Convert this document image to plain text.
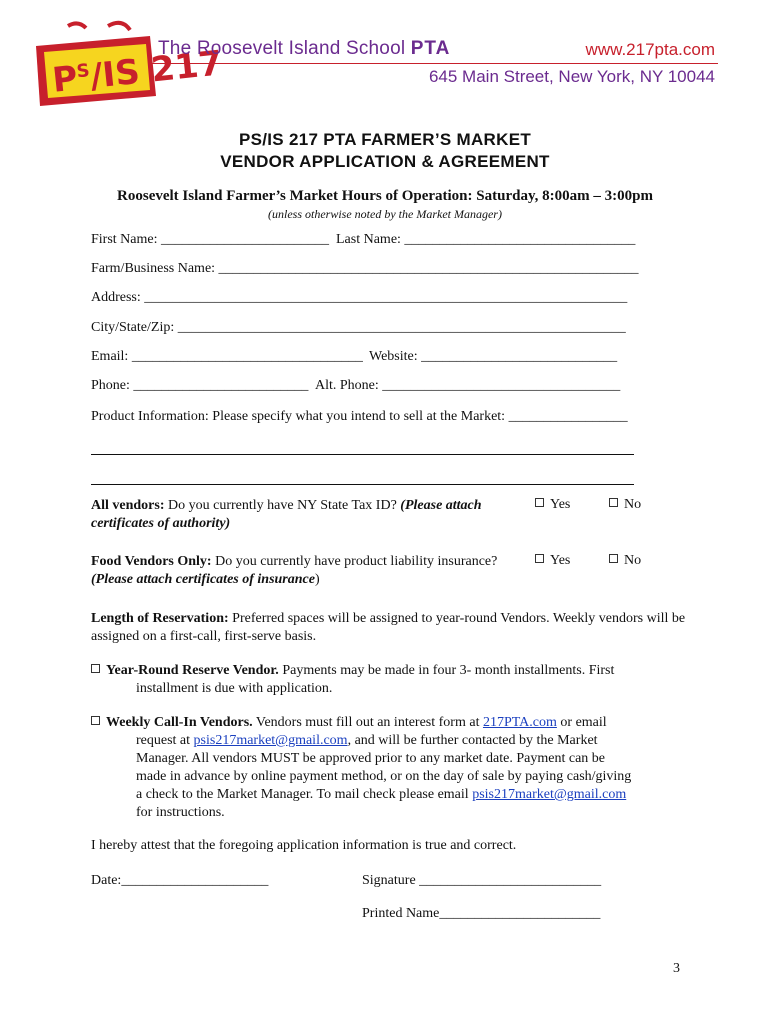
$P^S/IS$ 217
The Roosevelt Island School PTA	www.217pta.com
645 Main Street, New York, NY 10044
PS/IS 217 PTA FARMER’S MARKET
VENDOR APPLICATION & AGREEMENT
Roosevelt Island Farmer’s Market Hours of Operation: Saturday, 8:00am – 3:00pm
(unless otherwise noted by the Market Manager)
First Name: ________________________ Last Name: _________________________________
Farm/Business Name: ____________________________________________________________
Address: _____________________________________________________________________
City/State/Zip: ________________________________________________________________
Email: _________________________________ Website: ____________________________
Phone: _________________________ Alt. Phone: __________________________________
Product Information: Please specify what you intend to sell at the Market: _________________
All vendors: Do you currently have NY State Tax ID? (Please attach certificates of authority)
Yes	No
Food Vendors Only: Do you currently have product liability insurance?
(Please attach certificates of insurance)
Yes	No
Length of Reservation: Preferred spaces will be assigned to year-round Vendors. Weekly vendors will be assigned on a first-call, first-serve basis.
Year-Round Reserve Vendor. Payments may be made in four 3- month installments. First
installment is due with application.
Weekly Call-In Vendors. Vendors must fill out an interest form at 217PTA.com or email
request at psis217market@gmail.com, and will be further contacted by the Market
Manager. All vendors MUST be approved prior to any market date. Payment can be
made in advance by online payment method, or on the day of sale by paying cash/giving
a check to the Market Manager. To mail check please email psis217market@gmail.com
for instructions.
I hereby attest that the foregoing application information is true and correct.
Date:_____________________	Signature __________________________
Printed Name_______________________
3
